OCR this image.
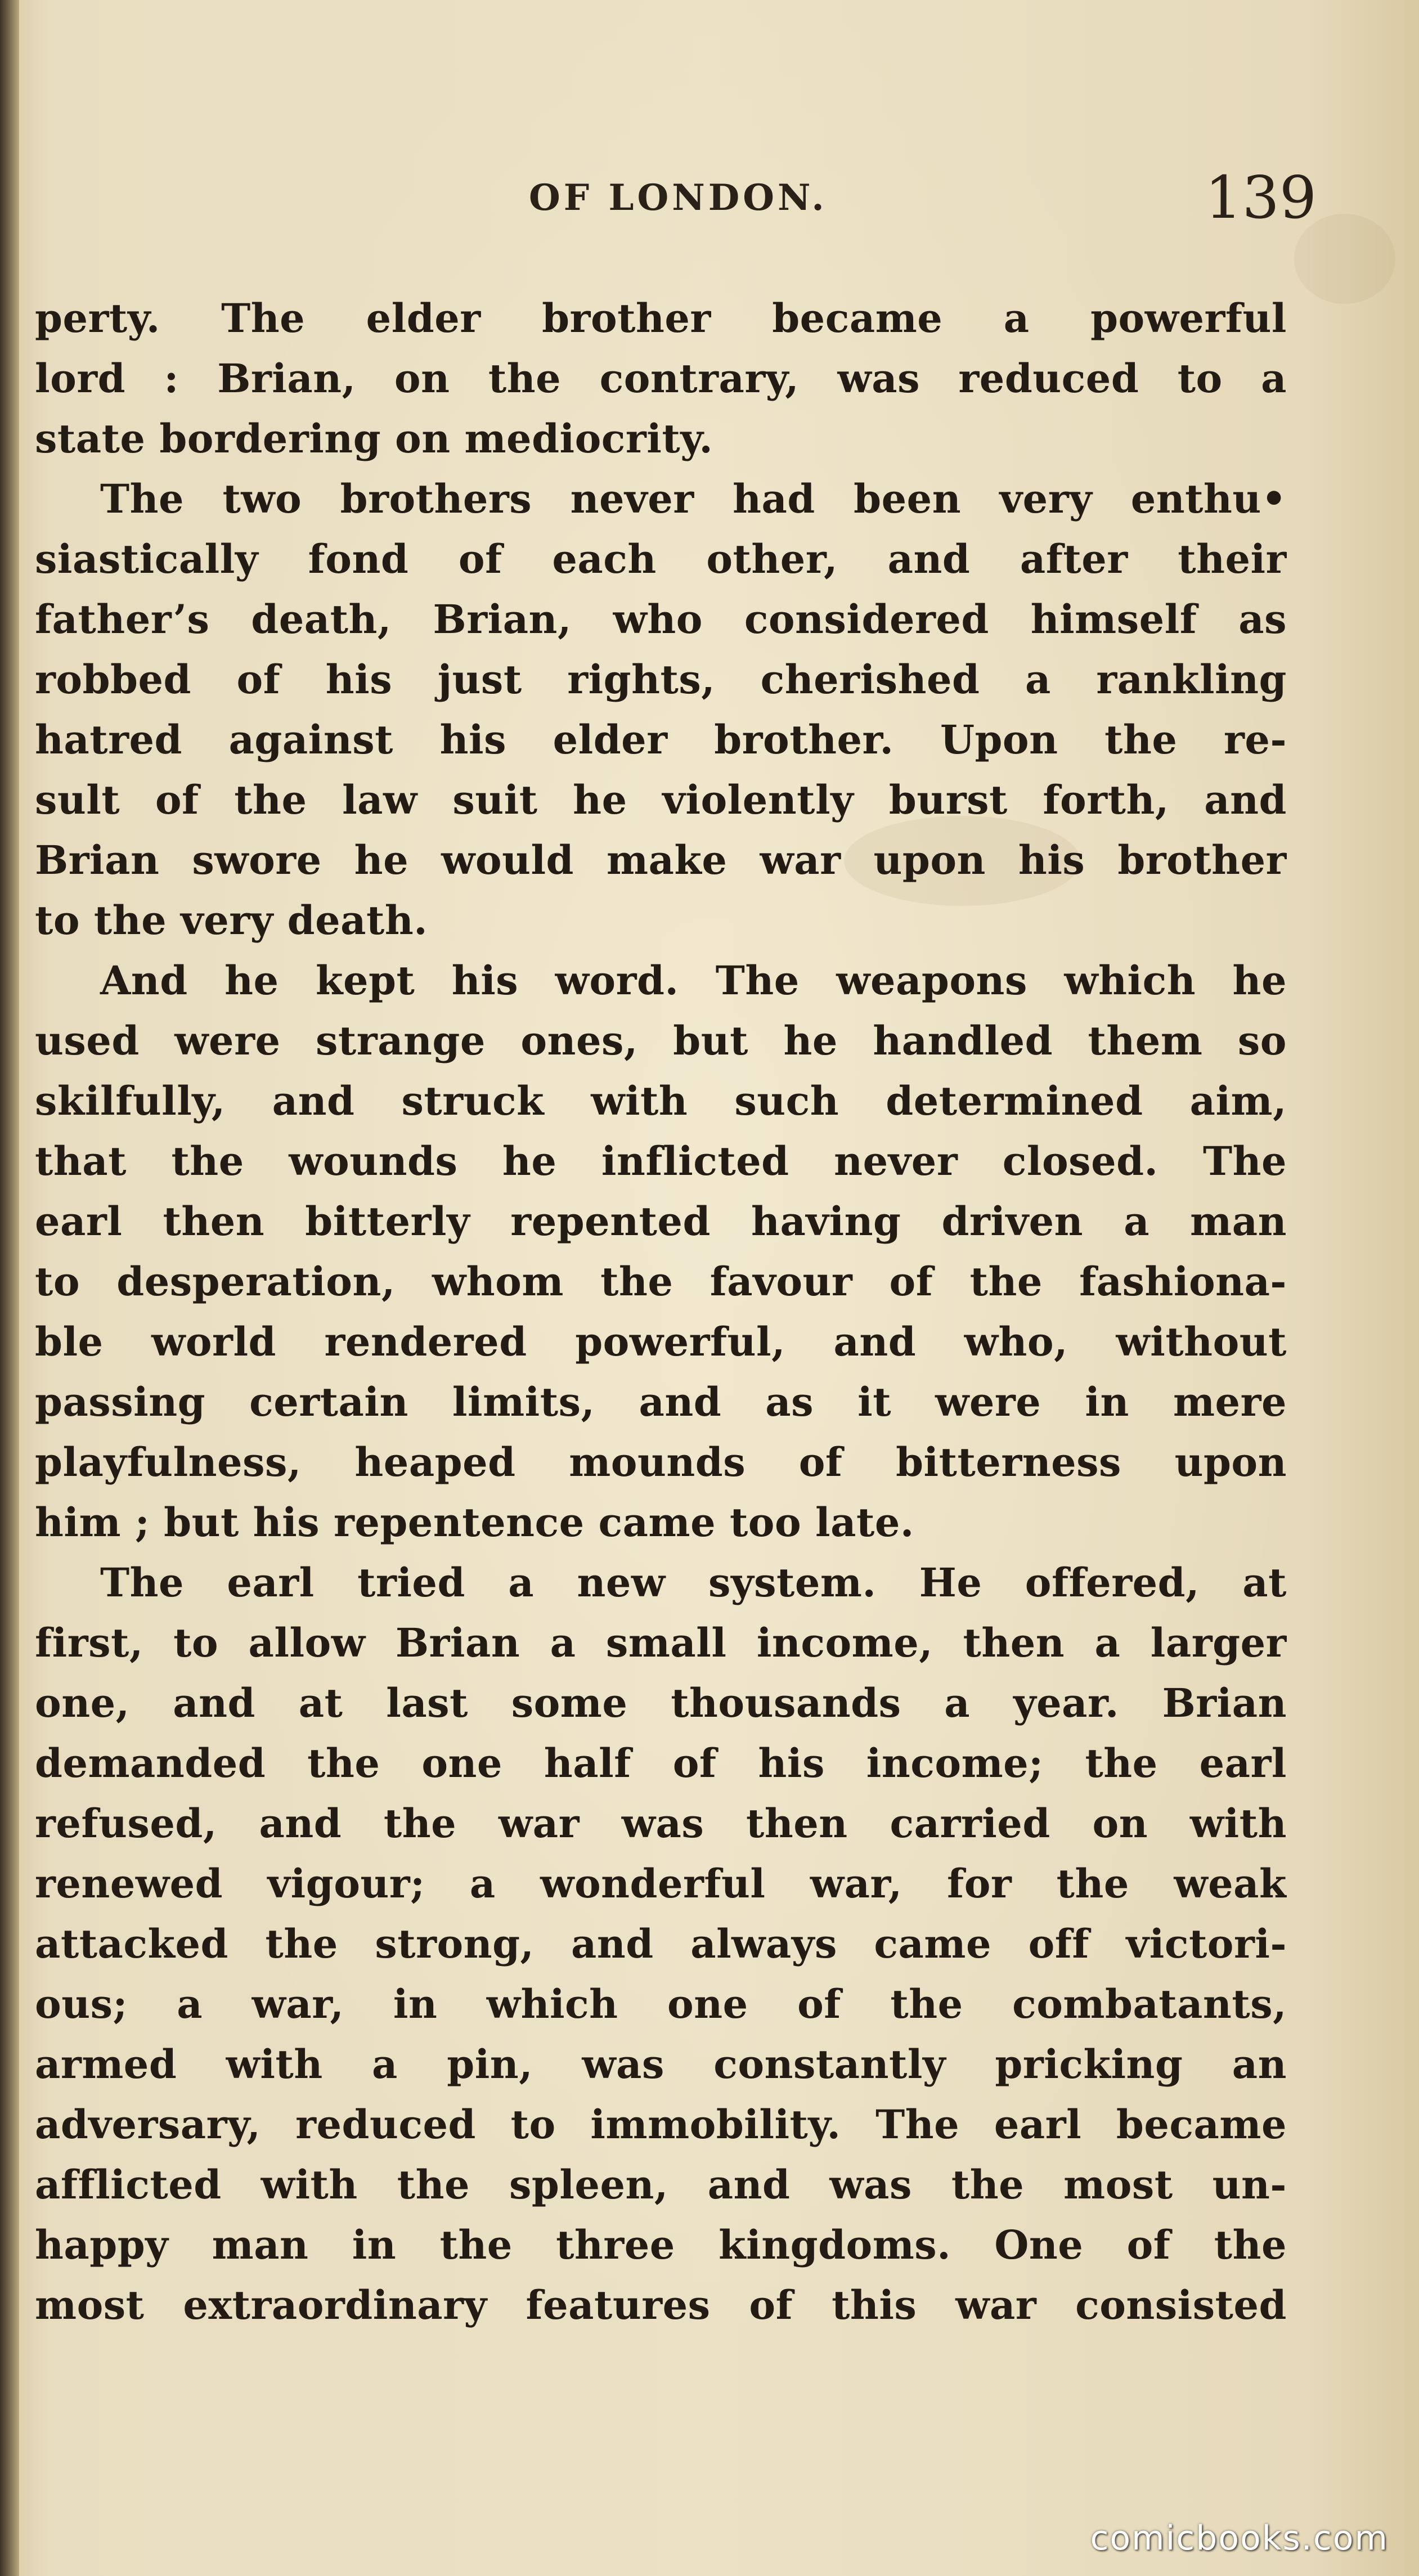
OF LONDON.	139
perty. The elder brother became a powerful
lord : Brian, on the contrary, was reduced to a
state bordering on mediocrity.
The two brothers never had been very enthu•
siastically fond of each other, and after their
father’s death, Brian, who considered himself as
robbed of his just rights, cherished a rankling
hatred against his elder brother. Upon the re-
sult of the law suit he violently burst forth, and
Brian swore he would make war upon his brother
to the very death.
And he kept his word. The weapons which he
used were strange ones, but he handled them so
skilfully, and struck with such determined aim,
that the wounds he inflicted never closed. The
earl then bitterly repented having driven a man
to desperation, whom the favour of the fashiona-
ble world rendered powerful, and who, without
passing certain limits, and as it were in mere
playfulness, heaped mounds of bitterness upon
him ; but his repentence came too late.
The earl tried a new system. He offered, at
first, to allow Brian a small income, then a larger
one, and at last some thousands a year. Brian
demanded the one half of his income; the earl
refused, and the war was then carried on with
renewed vigour; a wonderful war, for the weak
attacked the strong, and always came off victori-
ous; a war, in which one of the combatants,
armed with a pin, was constantly pricking an
adversary, reduced to immobility. The earl became
afflicted with the spleen, and was the most un-
happy man in the three kingdoms. One of the
most extraordinary features of this war consisted
comicbooks.com
